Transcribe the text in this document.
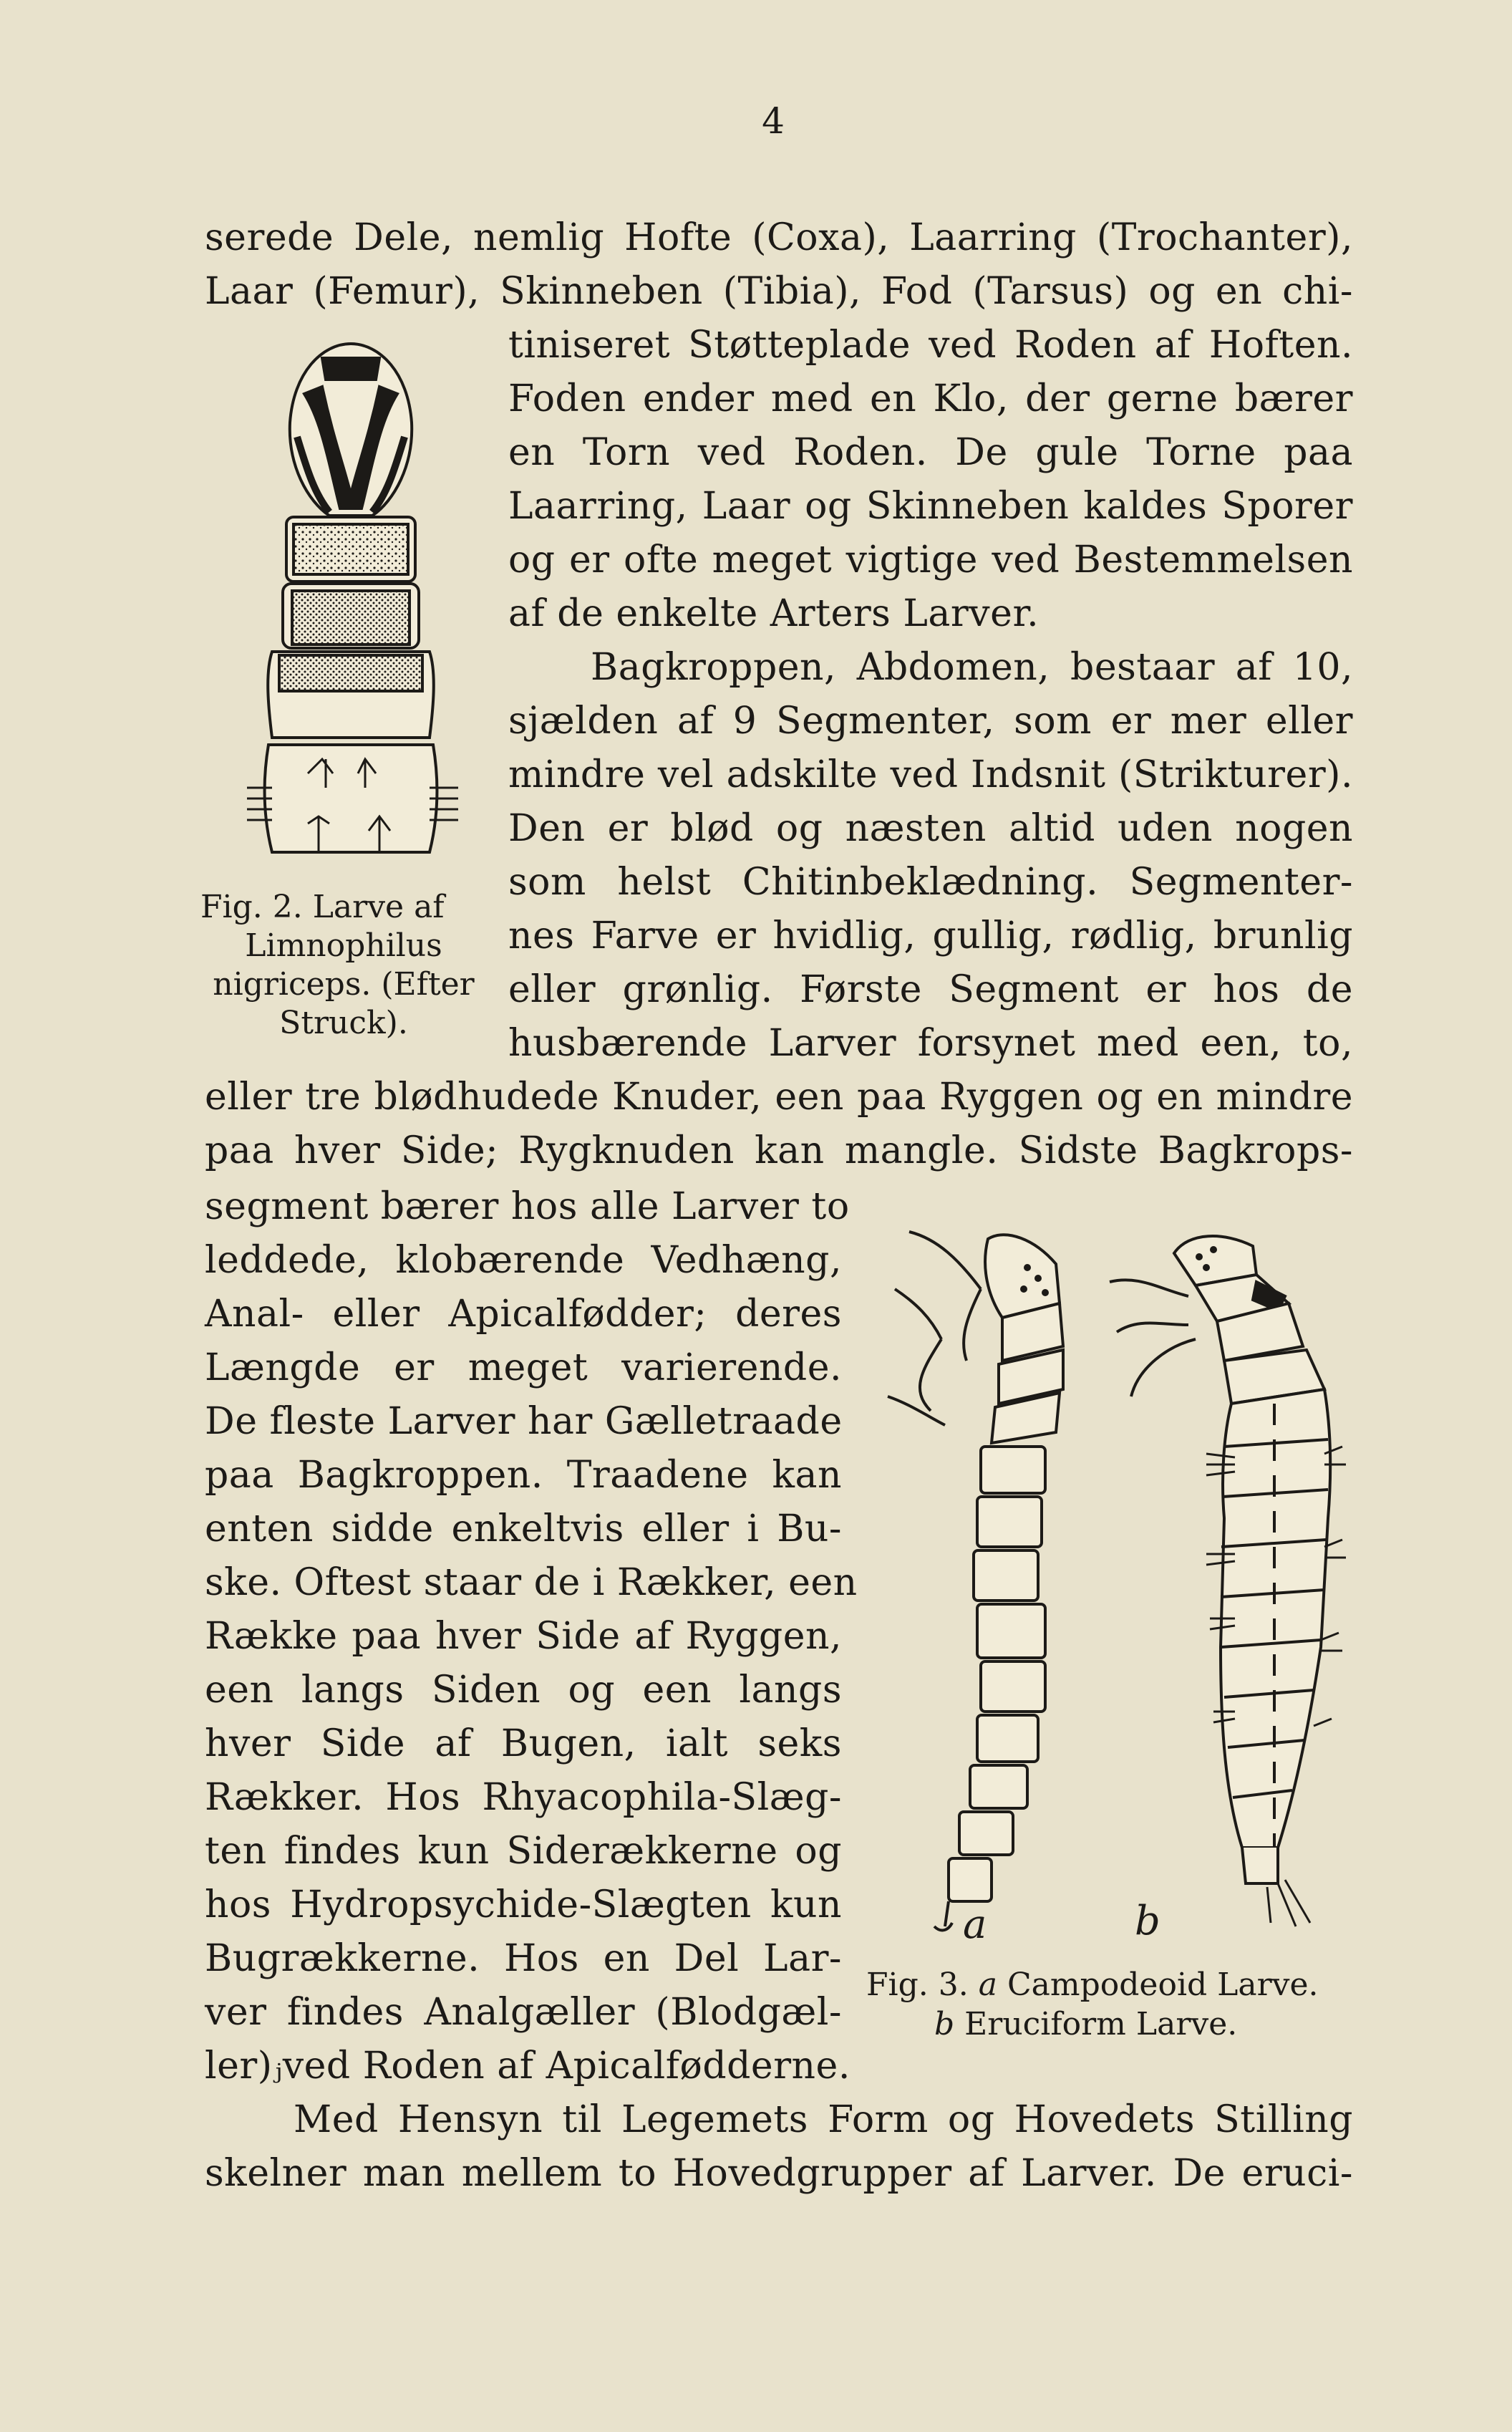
4
serede Dele, nemlig Hofte (Coxa), Laarring (Trochanter),
Laar (Femur), Skinneben (Tibia), Fod (Tarsus) og en chi-
tiniseret Støtteplade ved Roden af Hoften.
Foden ender med en Klo, der gerne bærer
en Torn ved Roden. De gule Torne paa
Laarring, Laar og Skinneben kaldes Sporer
og er ofte meget vigtige ved Bestemmelsen
af de enkelte Arters Larver.
Bagkroppen, Abdomen, bestaar af 10,
sjælden af 9 Segmenter, som er mer eller
mindre vel adskilte ved Indsnit (Strikturer).
Den er blød og næsten altid uden nogen
som helst Chitinbeklædning. Segmenter-
nes Farve er hvidlig, gullig, rødlig, brunlig
eller grønlig. Første Segment er hos de
husbærende Larver forsynet med een, to,
Fig. 2. Larve af
Limnophilus
nigriceps. (Efter
Struck).
eller tre blødhudede Knuder, een paa Ryggen og en mindre
paa hver Side; Rygknuden kan mangle. Sidste Bagkrops-
segment bærer hos alle Larver to
leddede, klobærende Vedhæng,
Anal- eller Apicalfødder; deres
Længde er meget varierende.
De fleste Larver har Gælletraade
paa Bagkroppen. Traadene kan
enten sidde enkeltvis eller i Bu-
ske. Oftest staar de i Rækker, een
Række paa hver Side af Ryggen,
een langs Siden og een langs
hver Side af Bugen, ialt seks
Rækker. Hos Rhyacophila-Slæg-
ten findes kun Siderækkerne og
hos Hydropsychide-Slægten kun
Bugrækkerne. Hos en Del Lar-
ver findes Analgæller (Blodgæl-
ler)ⱼved Roden af Apicalfødderne.
a	b
Fig. 3. a Campodeoid Larve.
b Eruciform Larve.
Med Hensyn til Legemets Form og Hovedets Stilling
skelner man mellem to Hovedgrupper af Larver. De eruci-
